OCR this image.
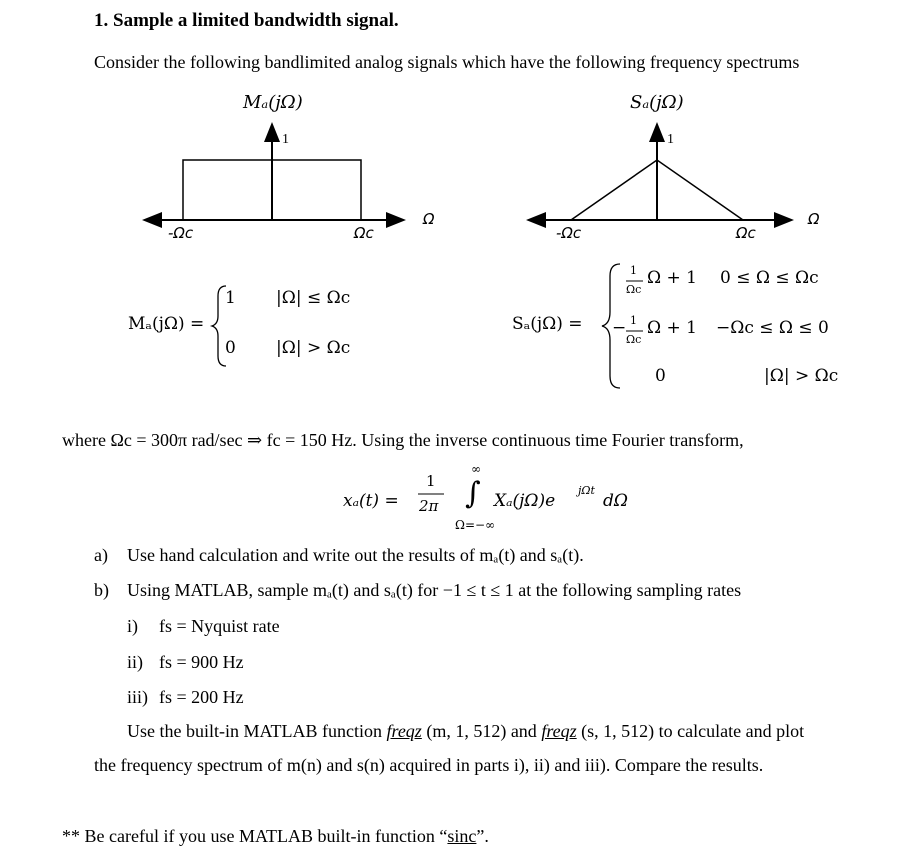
1. Sample a limited bandwidth signal.
Consider the following bandlimited analog signals which have the following frequency spectrums
Mₐ(jΩ)	Sₐ(jΩ)
1
-Ωc	Ωc
Ω
1
-Ωc	Ωc
Ω
Mₐ(jΩ) =
1 |Ω| ≤ Ωc
0 |Ω| > Ωc
Sₐ(jΩ) =
1
Ωc
Ω + 1 0 ≤ Ω ≤ Ωc
− 1
Ωc
Ω + 1 −Ωc ≤ Ω ≤ 0
0	|Ω| > Ωc
where Ωc = 300π rad/sec ⇒ fc = 150 Hz. Using the inverse continuous time Fourier transform,
xₐ(t) =
1
2π
∞
∫
Ω=−∞
Xₐ(jΩ)e
jΩt
dΩ
a) Use hand calculation and write out the results of mₐ(t) and sₐ(t).
b) Using MATLAB, sample mₐ(t) and sₐ(t) for −1 ≤ t ≤ 1 at the following sampling rates
i) fs = Nyquist rate
ii) fs = 900 Hz
iii) fs = 200 Hz
Use the built-in MATLAB function freqz (m, 1, 512) and freqz (s, 1, 512) to calculate and plot
the frequency spectrum of m(n) and s(n) acquired in parts i), ii) and iii). Compare the results.
** Be careful if you use MATLAB built-in function “sinc”.
